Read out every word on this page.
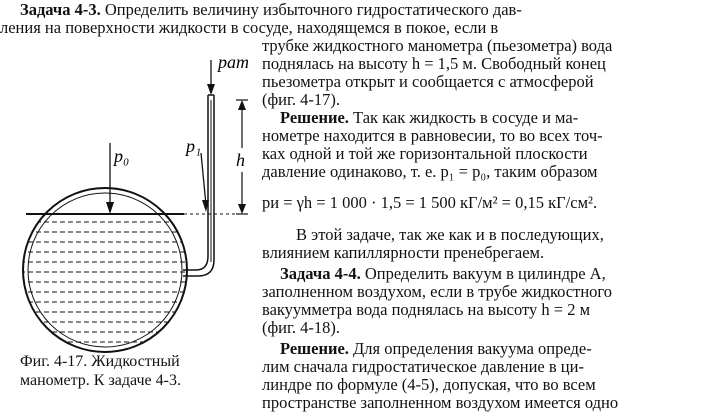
pат
p₀	p₁
h
Задача 4-3. Определить величину избыточного гидростатического дав-
ления на поверхности жидкости в сосуде, находящемся в покое, если в
трубке жидкостного манометра (пьезометра) вода
поднялась на высоту h = 1,5 м. Свободный конец
пьезометра открыт и сообщается с атмосферой
(фиг. 4-17).
Решение. Так как жидкость в сосуде и ма-
нометре находится в равновесии, то во всех точ-
ках одной и той же горизонтальной плоскости
давление одинаково, т. е. p₁ = p₀, таким образом
pи = γh = 1 000 · 1,5 = 1 500 кГ/м² = 0,15 кГ/см².
В этой задаче, так же как и в последующих,
влиянием капиллярности пренебрегаем.
Задача 4-4. Определить вакуум в цилиндре А,
заполненном воздухом, если в трубе жидкостного
вакуумметра вода поднялась на высоту h = 2 м
(фиг. 4-18).
Решение. Для определения вакуума опреде-
лим сначала гидростатическое давление в ци-
линдре по формуле (4-5), допуская, что во всем
пространстве заполненном воздухом имеется одно
Фиг. 4-17. Жидкостный
манометр. К задаче 4-3.
